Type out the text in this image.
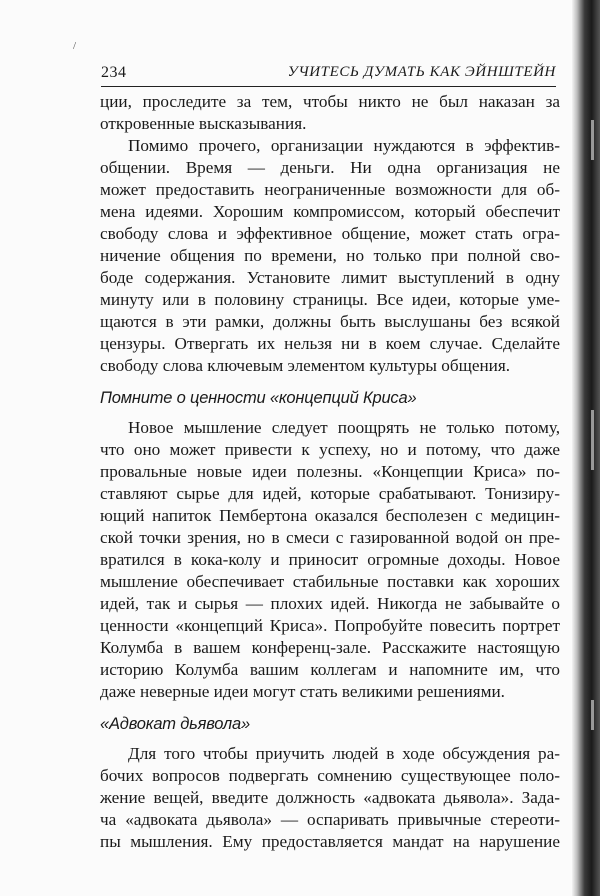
/
234	УЧИТЕСЬ ДУМАТЬ КАК ЭЙНШТЕЙН
ции, проследите за тем, чтобы никто не был наказан за
откровенные высказывания.
Помимо прочего, организации нуждаются в эффектив-
общении. Время — деньги. Ни одна организация не
может предоставить неограниченные возможности для об-
мена идеями. Хорошим компромиссом, который обеспечит
свободу слова и эффективное общение, может стать огра-
ничение общения по времени, но только при полной сво-
боде содержания. Установите лимит выступлений в одну
минуту или в половину страницы. Все идеи, которые уме-
щаются в эти рамки, должны быть выслушаны без всякой
цензуры. Отвергать их нельзя ни в коем случае. Сделайте
свободу слова ключевым элементом культуры общения.
Помните о ценности «концепций Криса»
Новое мышление следует поощрять не только потому,
что оно может привести к успеху, но и потому, что даже
провальные новые идеи полезны. «Концепции Криса» по-
ставляют сырье для идей, которые срабатывают. Тонизиру-
ющий напиток Пембертона оказался бесполезен с медицин-
ской точки зрения, но в смеси с газированной водой он пре-
вратился в кока-колу и приносит огромные доходы. Новое
мышление обеспечивает стабильные поставки как хороших
идей, так и сырья — плохих идей. Никогда не забывайте о
ценности «концепций Криса». Попробуйте повесить портрет
Колумба в вашем конференц-зале. Расскажите настоящую
историю Колумба вашим коллегам и напомните им, что
даже неверные идеи могут стать великими решениями.
«Адвокат дьявола»
Для того чтобы приучить людей в ходе обсуждения ра-
бочих вопросов подвергать сомнению существующее поло-
жение вещей, введите должность «адвоката дьявола». Зада-
ча «адвоката дьявола» — оспаривать привычные стереоти-
пы мышления. Ему предоставляется мандат на нарушение
